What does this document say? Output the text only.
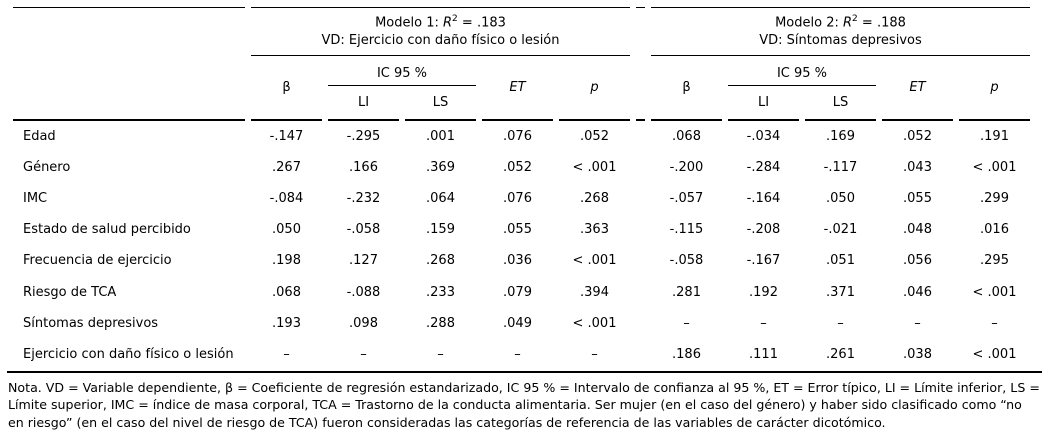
	Modelo 1: $R^2 = .183$
VD: Ejercicio con daño físico o lesión						Modelo 2: $R^2 = .188$
VD: Síntomas depresivos				
	β	IC 95 %		ET	p		β	IC 95 %		ET	p
		LI	LS					LI	LS		
Edad	-.147	-.295	.001	.076	.052		.068	-.034	.169	.052	.191
Género	.267	.166	.369	.052	< .001		-.200	-.284	-.117	.043	< .001
IMC	-.084	-.232	.064	.076	.268		-.057	-.164	.050	.055	.299
Estado de salud percibido	.050	-.058	.159	.055	.363		-.115	-.208	-.021	.048	.016
Frecuencia de ejercicio	.198	.127	.268	.036	< .001		-.058	-.167	.051	.056	.295
Riesgo de TCA	.068	-.088	.233	.079	.394		.281	.192	.371	.046	< .001
Síntomas depresivos	.193	.098	.288	.049	< .001		–	–	–	–	–
Ejercicio con daño físico o lesión	–	–	–	–	–		.186	.111	.261	.038	< .001

Nota. VD = Variable dependiente, β = Coeficiente de regresión estandarizado, IC 95 % = Intervalo de confianza al 95 %, ET = Error típico, LI = Límite inferior, LS = Límite superior, IMC = índice de masa corporal, TCA = Trastorno de la conducta alimentaria. Ser mujer (en el caso del género) y haber sido clasificado como “no en riesgo” (en el caso del nivel de riesgo de TCA) fueron consideradas las categorías de referencia de las variables de carácter dicotómico.
